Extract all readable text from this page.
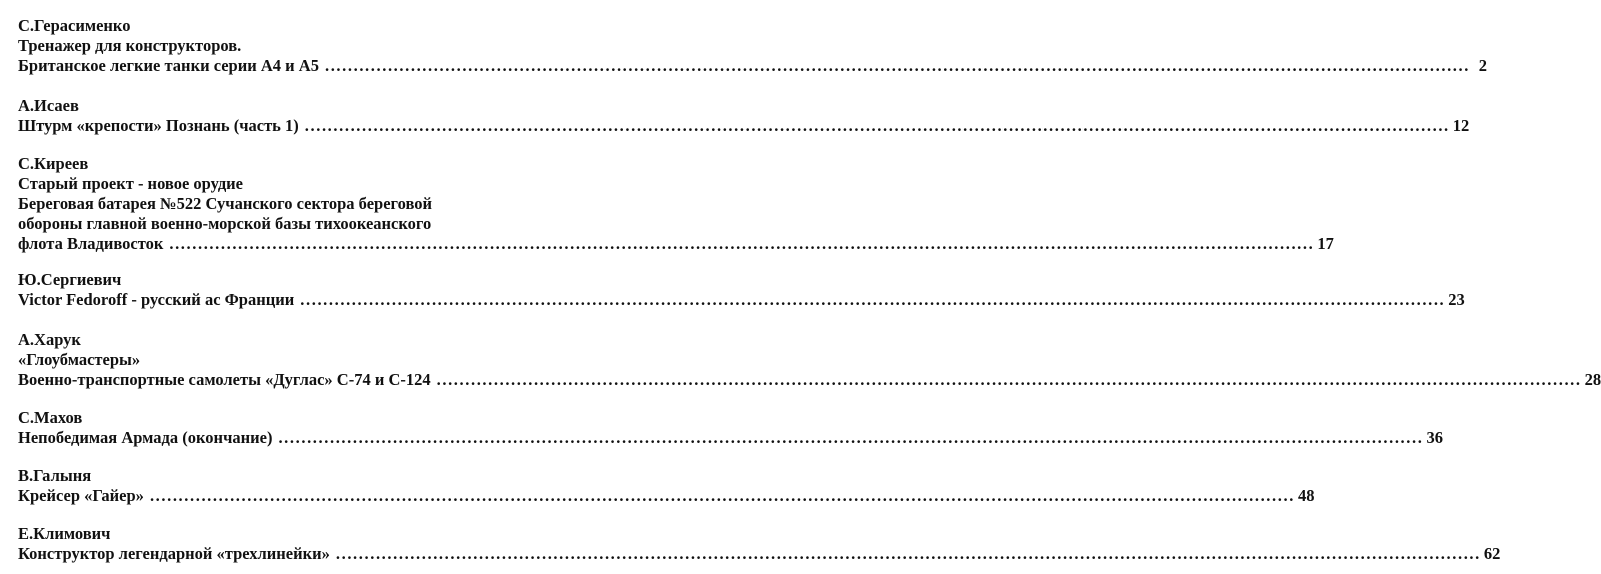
С.Герасименко
Тренажер для конструкторов.
Британское легкие танки серии А4 и А5 ........................................................................................................................................................................................................ 2
А.Исаев
Штурм «крепости» Познань (часть 1) ........................................................................................................................................................................................................ 12
С.Киреев
Старый проект - новое орудие
Береговая батарея №522 Сучанского сектора береговой
обороны главной военно-морской базы тихоокеанского
флота Владивосток ........................................................................................................................................................................................................ 17
Ю.Сергиевич
Victor Fedoroff - русский ас Франции ........................................................................................................................................................................................................ 23
А.Харук
«Глоубмастеры»
Военно-транспортные самолеты «Дуглас» С-74 и С-124 ........................................................................................................................................................................................................ 28
С.Махов
Непобедимая Армада (окончание) ........................................................................................................................................................................................................ 36
В.Галыня
Крейсер «Гайер» ........................................................................................................................................................................................................ 48
Е.Климович
Конструктор легендарной «трехлинейки» ........................................................................................................................................................................................................ 62
